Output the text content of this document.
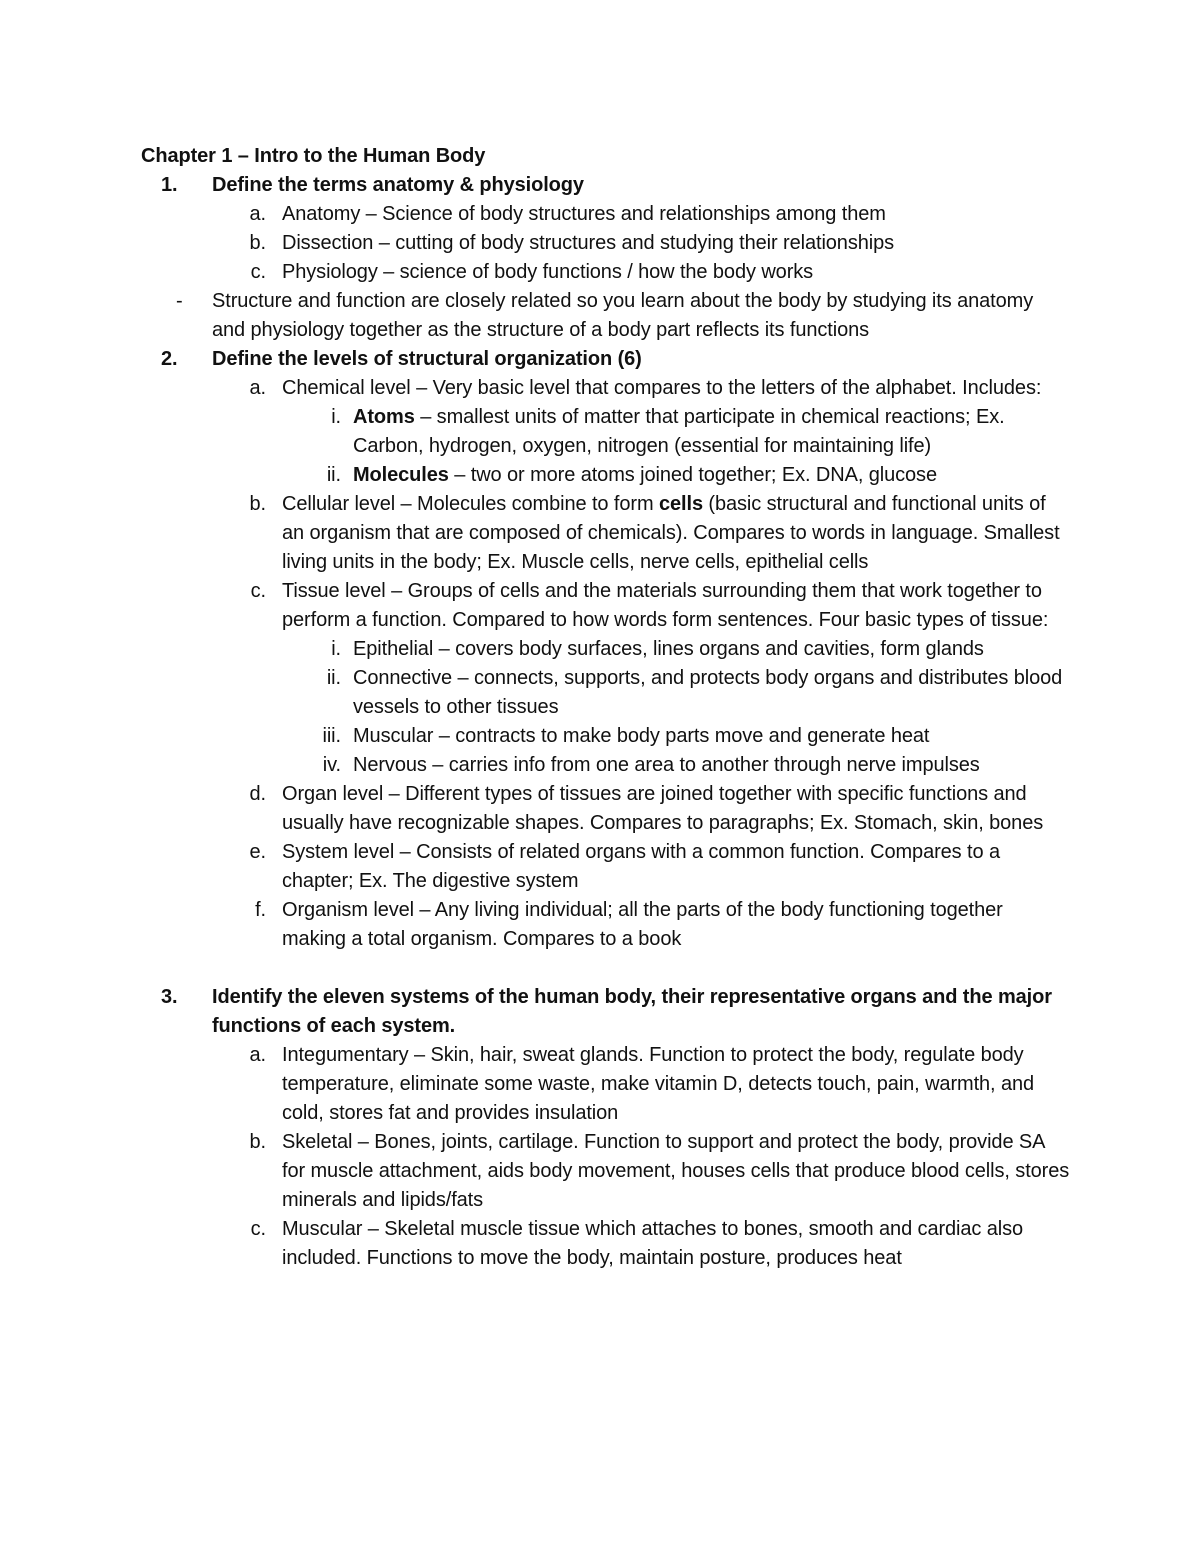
Chapter 1 – Intro to the Human Body

1. Define the terms anatomy & physiology
a. Anatomy – Science of body structures and relationships among them
b. Dissection – cutting of body structures and studying their relationships
c. Physiology – science of body functions / how the body works
- Structure and function are closely related so you learn about the body by studying its anatomy and physiology together as the structure of a body part reflects its functions
2. Define the levels of structural organization (6)
a. Chemical level – Very basic level that compares to the letters of the alphabet. Includes:
i. Atoms – smallest units of matter that participate in chemical reactions; Ex. Carbon, hydrogen, oxygen, nitrogen (essential for maintaining life)
ii. Molecules – two or more atoms joined together; Ex. DNA, glucose
b. Cellular level – Molecules combine to form cells (basic structural and functional units of an organism that are composed of chemicals). Compares to words in language. Smallest living units in the body; Ex. Muscle cells, nerve cells, epithelial cells
c. Tissue level – Groups of cells and the materials surrounding them that work together to perform a function. Compared to how words form sentences. Four basic types of tissue:
i. Epithelial – covers body surfaces, lines organs and cavities, form glands
ii. Connective – connects, supports, and protects body organs and distributes blood vessels to other tissues
iii. Muscular – contracts to make body parts move and generate heat
iv. Nervous – carries info from one area to another through nerve impulses
d. Organ level – Different types of tissues are joined together with specific functions and usually have recognizable shapes. Compares to paragraphs; Ex. Stomach, skin, bones
e. System level – Consists of related organs with a common function. Compares to a chapter; Ex. The digestive system
f. Organism level – Any living individual; all the parts of the body functioning together making a total organism. Compares to a book
3. Identify the eleven systems of the human body, their representative organs and the major functions of each system.
a. Integumentary – Skin, hair, sweat glands. Function to protect the body, regulate body temperature, eliminate some waste, make vitamin D, detects touch, pain, warmth, and cold, stores fat and provides insulation
b. Skeletal – Bones, joints, cartilage. Function to support and protect the body, provide SA for muscle attachment, aids body movement, houses cells that produce blood cells, stores minerals and lipids/fats
c. Muscular – Skeletal muscle tissue which attaches to bones, smooth and cardiac also included. Functions to move the body, maintain posture, produces heat
